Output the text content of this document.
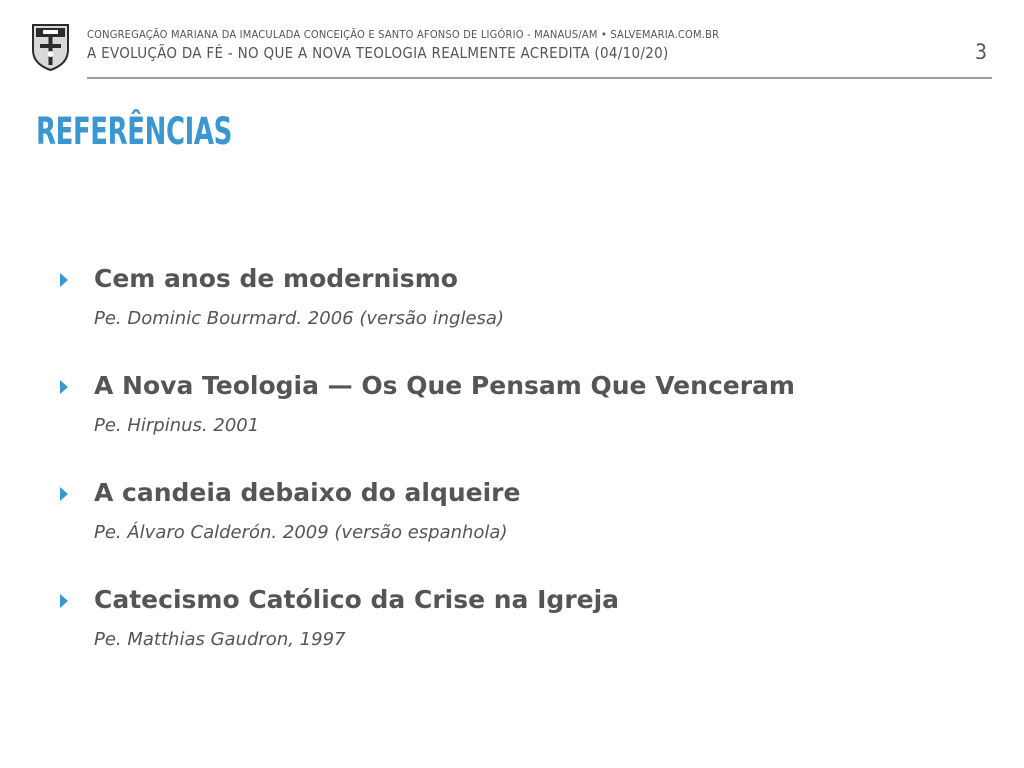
CONGREGAÇÃO MARIANA DA IMACULADA CONCEIÇÃO E SANTO AFONSO DE LIGÓRIO - MANAUS/AM • SALVEMARIA.COM.BR
A EVOLUÇÃO DA FÉ - NO QUE A NOVA TEOLOGIA REALMENTE ACREDITA (04/10/20)	3
REFERÊNCIAS
Cem anos de modernismo
Pe. Dominic Bourmard. 2006 (versão inglesa)
A Nova Teologia — Os Que Pensam Que Venceram
Pe. Hirpinus. 2001
A candeia debaixo do alqueire
Pe. Álvaro Calderón. 2009 (versão espanhola)
Catecismo Católico da Crise na Igreja
Pe. Matthias Gaudron, 1997
